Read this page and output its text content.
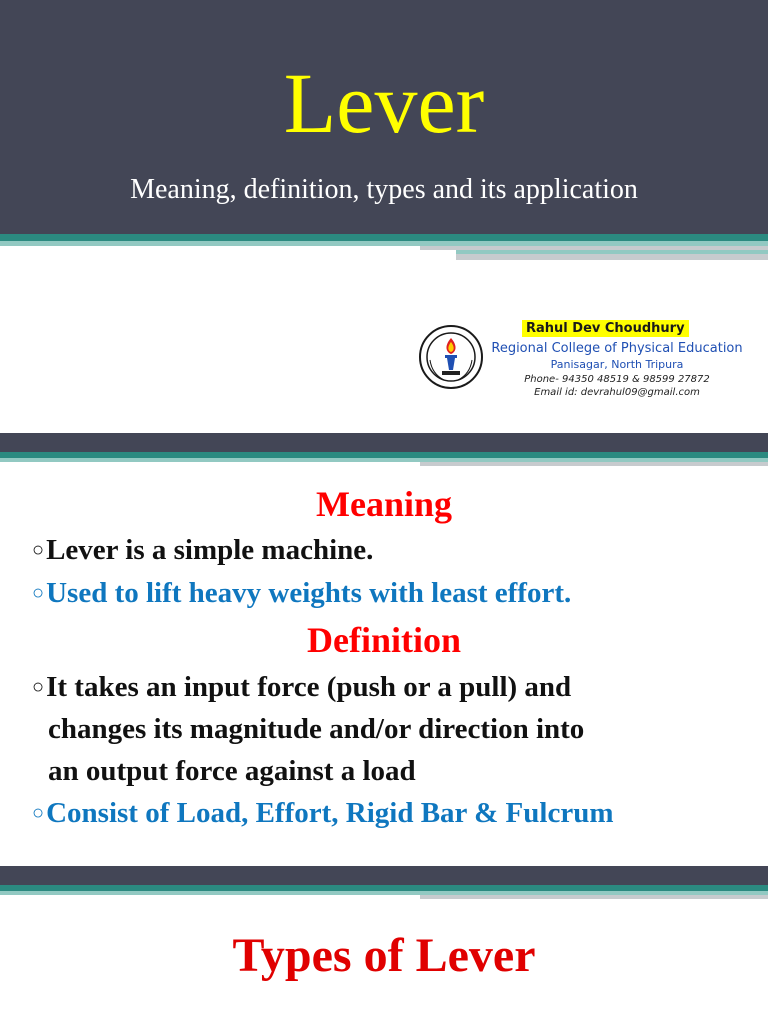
Lever
Meaning, definition, types and its application
Rahul Dev Choudhury
Regional College of Physical Education
Panisagar, North Tripura
Phone- 94350 48519 & 98599 27872
Email id: devrahul09@gmail.com
Meaning
○Lever is a simple machine.
○Used to lift heavy weights with least effort.
Definition
○It takes an input force (push or a pull) and
changes its magnitude and/or direction into
an output force against a load
○Consist of Load, Effort, Rigid Bar & Fulcrum
Types of Lever
